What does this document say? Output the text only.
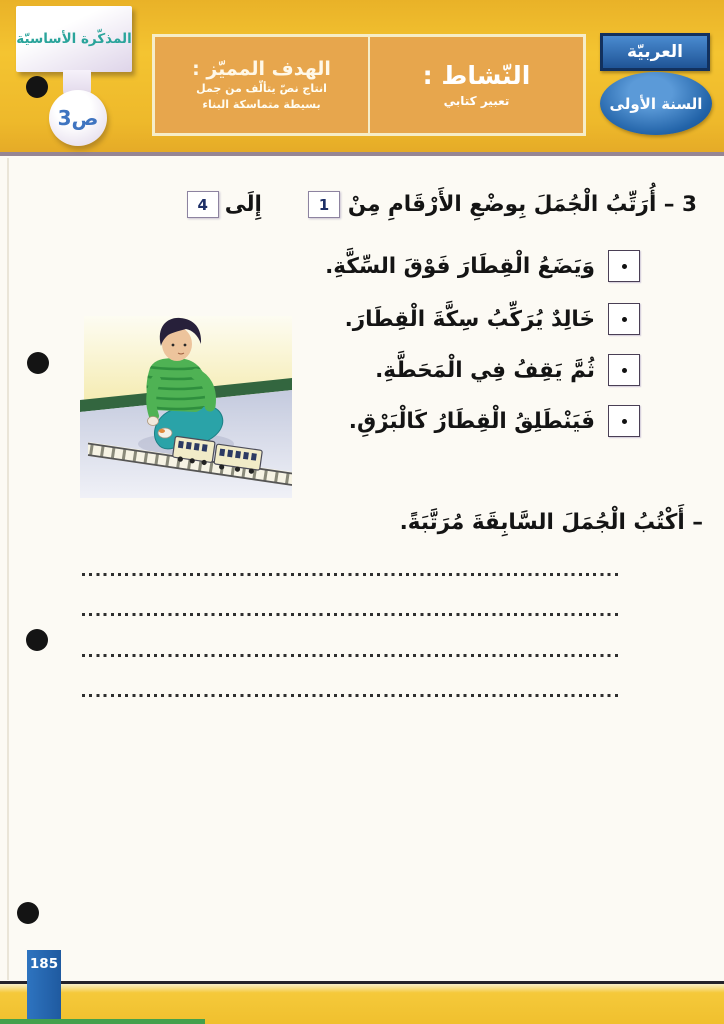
المذكّرة الأساسيّة
ص3
النّشاط :
تعبير كتابي
الهدف المميّز :
انتاج نصّ يتألّف من جمل
بسيطة متماسكة البناء
العربيّة
السنة الأولى
3 – أُرَتِّبُ الْجُمَلَ بِوضْعِ الأَرْقَامِ مِنْ
1
إِلَى
4
وَيَضَعُ الْقِطَارَ فَوْقَ السِّكَّةِ.
خَالِدٌ يُرَكِّبُ سِكَّةَ الْقِطَارَ.
ثُمَّ يَقِفُ فِي الْمَحَطَّةِ.
فَيَنْطَلِقُ الْقِطَارُ كَالْبَرْقِ.
– أَكْتُبُ الْجُمَلَ السَّابِقَةَ مُرَتَّبَةً.
185
